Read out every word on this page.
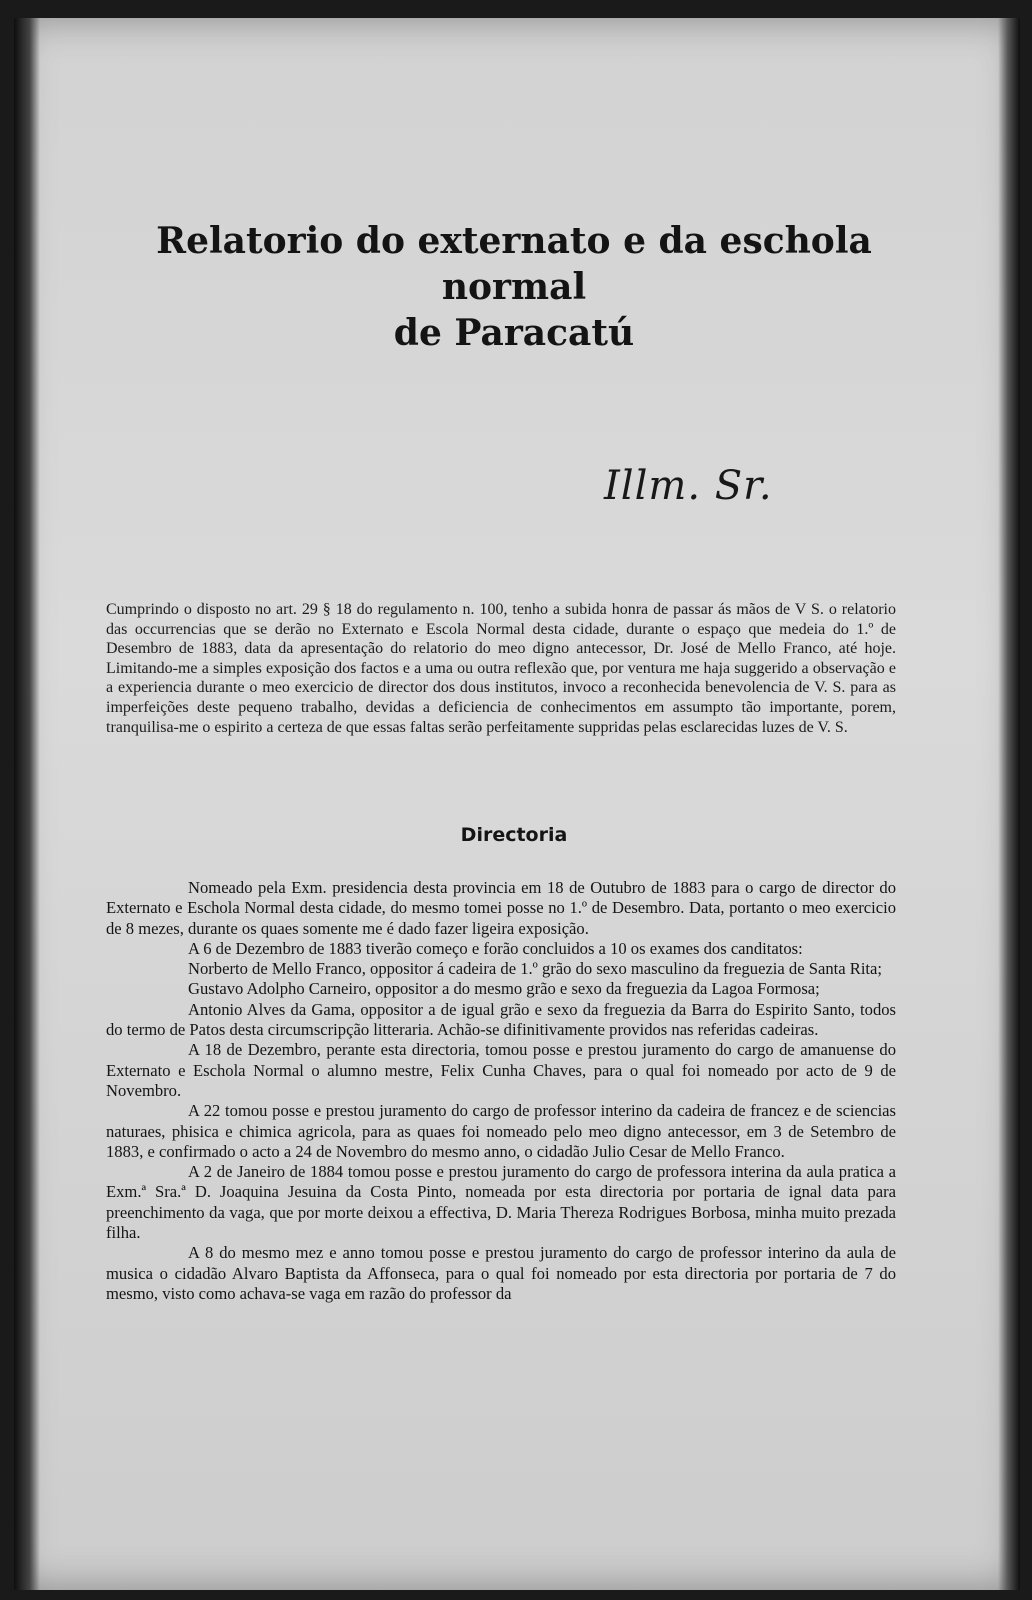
Relatorio do externato e da eschola normal
de Paracatú

Illm. Sr.

Cumprindo o disposto no art. 29 § 18 do regulamento n. 100, tenho a subida honra de passar ás mãos de V S. o relatorio das occurrencias que se derão no Externato e Escola Normal desta cidade, durante o espaço que medeia do 1.º de Desembro de 1883, data da apresentação do relatorio do meo digno antecessor, Dr. José de Mello Franco, até hoje. Limitando-me a simples exposição dos factos e a uma ou outra reflexão que, por ventura me haja suggerido a observação e a experiencia durante o meo exercicio de director dos dous institutos, invoco a reconhecida benevolencia de V. S. para as imperfeições deste pequeno trabalho, devidas a deficiencia de conhecimentos em assumpto tão importante, porem, tranquilisa-me o espirito a certeza de que essas faltas serão perfeitamente suppridas pelas esclarecidas luzes de V. S.

Directoria

Nomeado pela Exm. presidencia desta provincia em 18 de Outubro de 1883 para o cargo de director do Externato e Eschola Normal desta cidade, do mesmo tomei posse no 1.º de Desembro. Data, portanto o meo exercicio de 8 mezes, durante os quaes somente me é dado fazer ligeira exposição.

A 6 de Dezembro de 1883 tiverão começo e forão concluidos a 10 os exames dos canditatos:

Norberto de Mello Franco, oppositor á cadeira de 1.º grão do sexo masculino da freguezia de Santa Rita;

Gustavo Adolpho Carneiro, oppositor a do mesmo grão e sexo da freguezia da Lagoa Formosa;

Antonio Alves da Gama, oppositor a de igual grão e sexo da freguezia da Barra do Espirito Santo, todos do termo de Patos desta circumscripção litteraria. Achão-se difinitivamente providos nas referidas cadeiras.

A 18 de Dezembro, perante esta directoria, tomou posse e prestou juramento do cargo de amanuense do Externato e Eschola Normal o alumno mestre, Felix Cunha Chaves, para o qual foi nomeado por acto de 9 de Novembro.

A 22 tomou posse e prestou juramento do cargo de professor interino da cadeira de francez e de sciencias naturaes, phisica e chimica agricola, para as quaes foi nomeado pelo meo digno antecessor, em 3 de Setembro de 1883, e confirmado o acto a 24 de Novembro do mesmo anno, o cidadão Julio Cesar de Mello Franco.

A 2 de Janeiro de 1884 tomou posse e prestou juramento do cargo de professora interina da aula pratica a Exm.ª Sra.ª D. Joaquina Jesuina da Costa Pinto, nomeada por esta directoria por portaria de ignal data para preenchimento da vaga, que por morte deixou a effectiva, D. Maria Thereza Rodrigues Borbosa, minha muito prezada filha.

A 8 do mesmo mez e anno tomou posse e prestou juramento do cargo de professor interino da aula de musica o cidadão Alvaro Baptista da Affonseca, para o qual foi nomeado por esta directoria por portaria de 7 do mesmo, visto como achava-se vaga em razão do professor da
